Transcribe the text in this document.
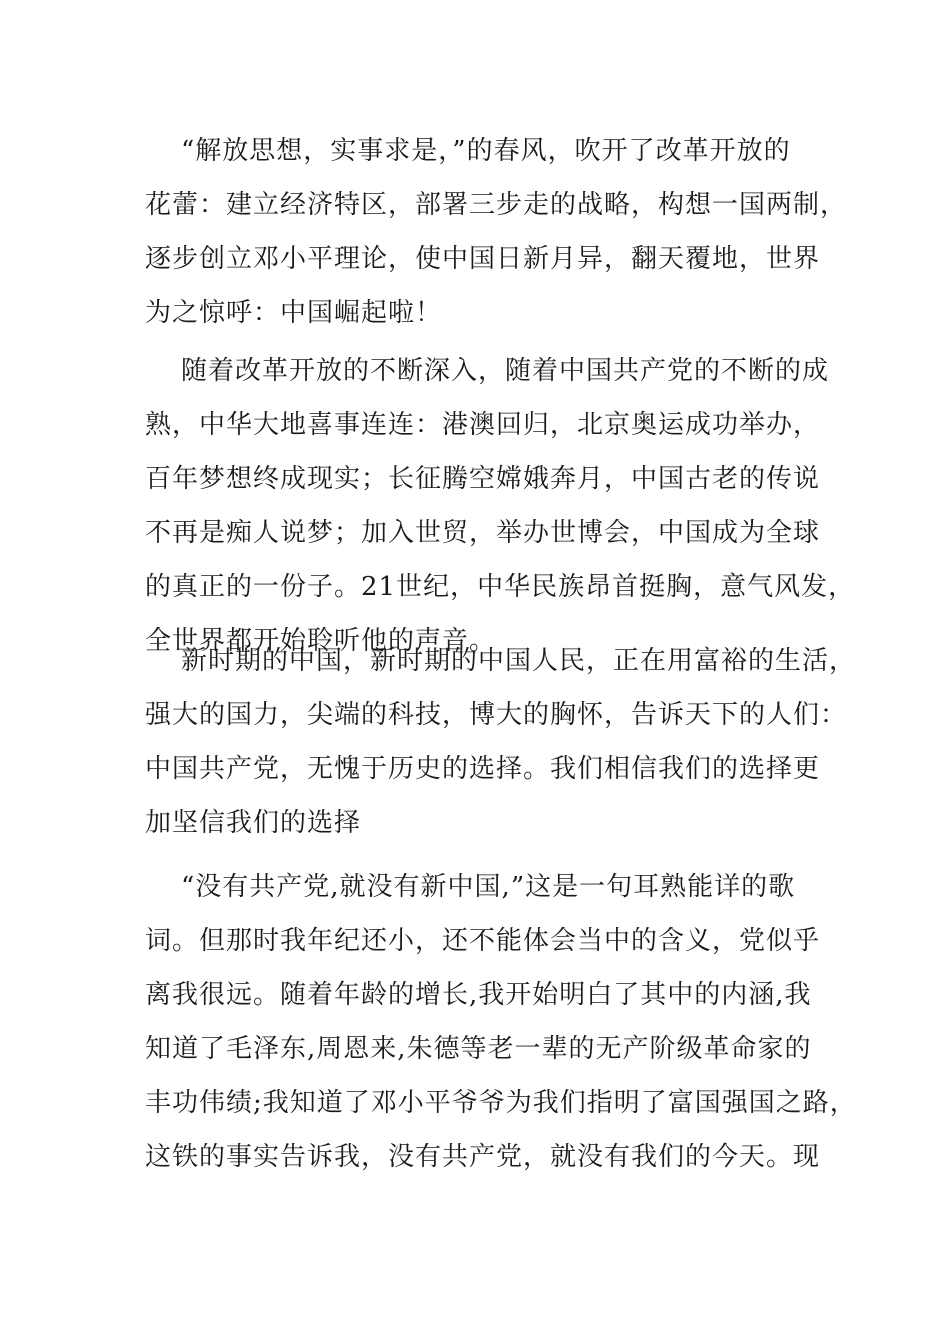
“解放思想，实事求是，”的春风，吹开了改革开放的
花蕾：建立经济特区，部署三步走的战略，构想一国两制，
逐步创立邓小平理论，使中国日新月异，翻天覆地，世界
为之惊呼：中国崛起啦！
随着改革开放的不断深入，随着中国共产党的不断的成
熟，中华大地喜事连连：港澳回归，北京奥运成功举办，
百年梦想终成现实；长征腾空嫦娥奔月，中国古老的传说
不再是痴人说梦；加入世贸，举办世博会，中国成为全球
的真正的一份子。21世纪，中华民族昂首挺胸，意气风发，
全世界都开始聆听他的声音。
新时期的中国，新时期的中国人民，正在用富裕的生活，
强大的国力，尖端的科技，博大的胸怀，告诉天下的人们：
中国共产党，无愧于历史的选择。我们相信我们的选择更
加坚信我们的选择
“没有共产党,就没有新中国,”这是一句耳熟能详的歌
词。但那时我年纪还小，还不能体会当中的含义，党似乎
离我很远。随着年龄的增长,我开始明白了其中的内涵,我
知道了毛泽东,周恩来,朱德等老一辈的无产阶级革命家的
丰功伟绩;我知道了邓小平爷爷为我们指明了富国强国之路，
这铁的事实告诉我，没有共产党，就没有我们的今天。现
